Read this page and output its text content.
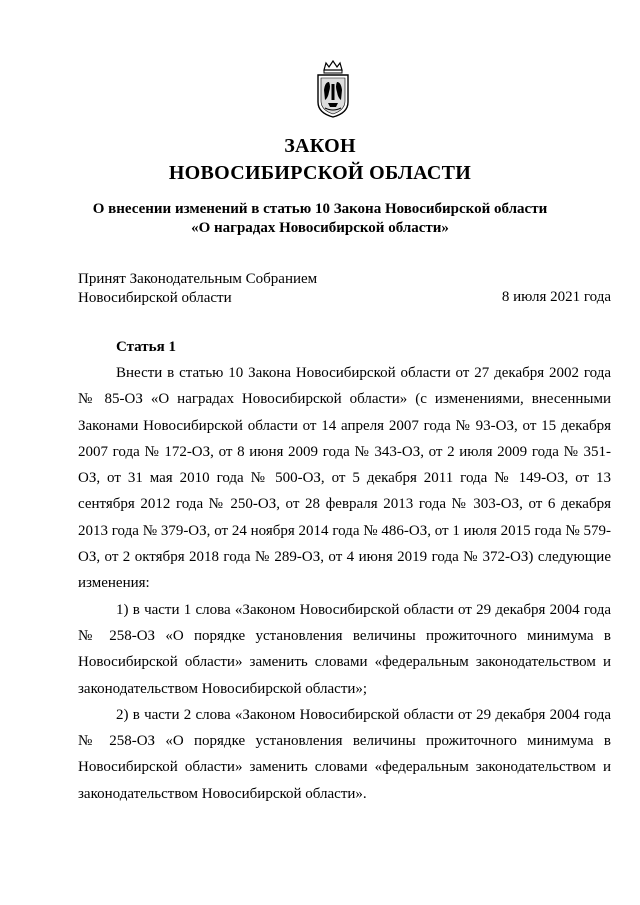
ЗАКОН
НОВОСИБИРСКОЙ ОБЛАСТИ
О внесении изменений в статью 10 Закона Новосибирской области
«О наградах Новосибирской области»
Принят Законодательным Собранием
Новосибирской области	8 июля 2021 года
Статья 1

Внести в статью 10 Закона Новосибирской области от 27 декабря 2002 года № 85-ОЗ «О наградах Новосибирской области» (с изменениями, внесенными Законами Новосибирской области от 14 апреля 2007 года № 93-ОЗ, от 15 декабря 2007 года № 172-ОЗ, от 8 июня 2009 года № 343-ОЗ, от 2 июля 2009 года № 351-ОЗ, от 31 мая 2010 года № 500-ОЗ, от 5 декабря 2011 года № 149-ОЗ, от 13 сентября 2012 года № 250-ОЗ, от 28 февраля 2013 года № 303-ОЗ, от 6 декабря 2013 года № 379-ОЗ, от 24 ноября 2014 года № 486-ОЗ, от 1 июля 2015 года № 579-ОЗ, от 2 октября 2018 года № 289-ОЗ, от 4 июня 2019 года № 372-ОЗ) следующие изменения:

1) в части 1 слова «Законом Новосибирской области от 29 декабря 2004 года № 258-ОЗ «О порядке установления величины прожиточного минимума в Новосибирской области» заменить словами «федеральным законодательством и законодательством Новосибирской области»;

2) в части 2 слова «Законом Новосибирской области от 29 декабря 2004 года № 258-ОЗ «О порядке установления величины прожиточного минимума в Новосибирской области» заменить словами «федеральным законодательством и законодательством Новосибирской области».
